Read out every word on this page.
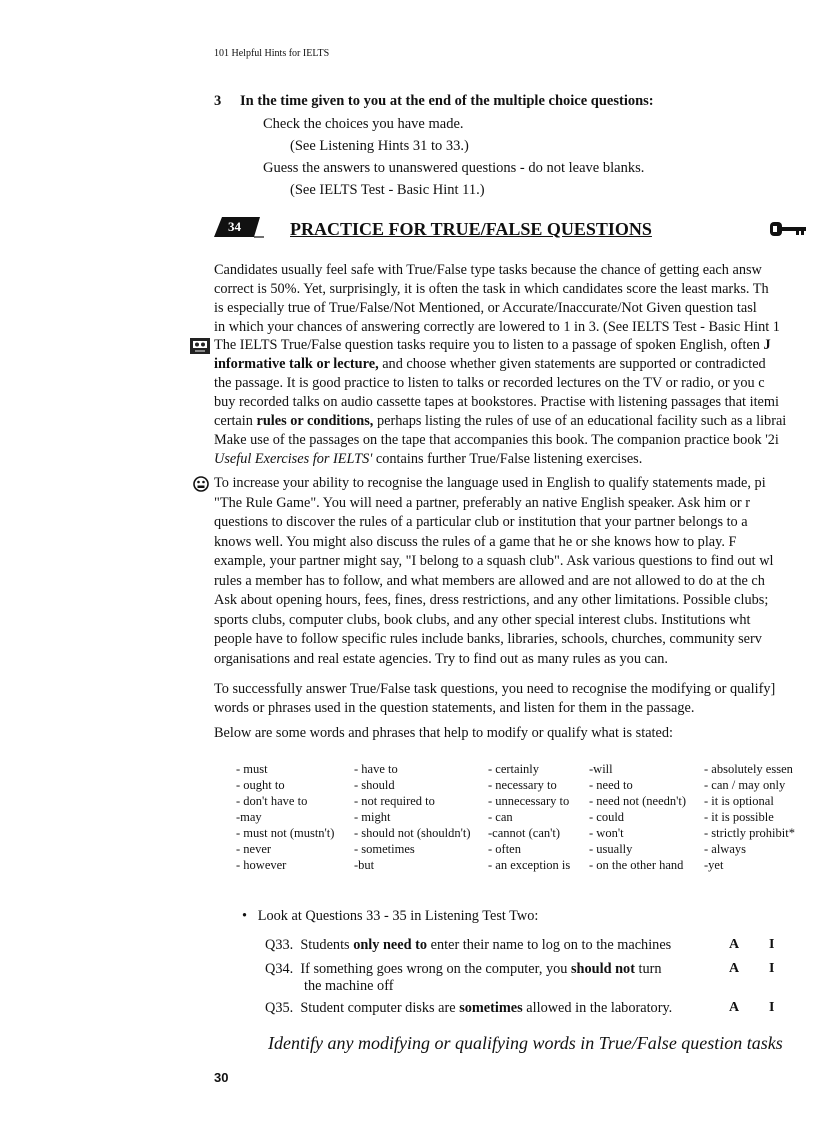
101 Helpful Hints for IELTS
3 In the time given to you at the end of the multiple choice questions:
Check the choices you have made.
(See Listening Hints 31 to 33.)
Guess the answers to unanswered questions - do not leave blanks.
(See IELTS Test - Basic Hint 11.)
34	PRACTICE FOR TRUE/FALSE QUESTIONS
Candidates usually feel safe with True/False type tasks because the chance of getting each answ
correct is 50%. Yet, surprisingly, it is often the task in which candidates score the least marks. Th
is especially true of True/False/Not Mentioned, or Accurate/Inaccurate/Not Given question tasl
in which your chances of answering correctly are lowered to 1 in 3. (See IELTS Test - Basic Hint 1
The IELTS True/False question tasks require you to listen to a passage of spoken English, often J
informative talk or lecture, and choose whether given statements are supported or contradicted
the passage. It is good practice to listen to talks or recorded lectures on the TV or radio, or you c
buy recorded talks on audio cassette tapes at bookstores. Practise with listening passages that itemi
certain rules or conditions, perhaps listing the rules of use of an educational facility such as a librai
Make use of the passages on the tape that accompanies this book. The companion practice book '2i
Useful Exercises for IELTS' contains further True/False listening exercises.
To increase your ability to recognise the language used in English to qualify statements made, pi
"The Rule Game". You will need a partner, preferably an native English speaker. Ask him or r
questions to discover the rules of a particular club or institution that your partner belongs to a
knows well. You might also discuss the rules of a game that he or she knows how to play. F
example, your partner might say, "I belong to a squash club". Ask various questions to find out wl
rules a member has to follow, and what members are allowed and are not allowed to do at the ch
Ask about opening hours, fees, fines, dress restrictions, and any other limitations. Possible clubs;
sports clubs, computer clubs, book clubs, and any other special interest clubs. Institutions wht
people have to follow specific rules include banks, libraries, schools, churches, community serv
organisations and real estate agencies. Try to find out as many rules as you can.
To successfully answer True/False task questions, you need to recognise the modifying or qualify]
words or phrases used in the question statements, and listen for them in the passage.
Below are some words and phrases that help to modify or qualify what is stated:
- must	- have to	- certainly	-will	- absolutely essen
- ought to	- should	- necessary to	- need to	- can / may only
- don't have to	- not required to	- unnecessary to	- need not (needn't)	- it is optional
-may	- might	- can	- could	- it is possible
- must not (mustn't)	- should not (shouldn't)	-cannot (can't)	- won't	- strictly prohibit*
- never	- sometimes	- often	- usually	- always
- however	-but	- an exception is	- on the other hand	-yet
• Look at Questions 33 - 35 in Listening Test Two:
Q33. Students only need to enter their name to log on to the machines	A I
Q34. If something goes wrong on the computer, you should not turn
the machine off
A I
Q35. Student computer disks are sometimes allowed in the laboratory.	A I
Identify any modifying or qualifying words in True/False question tasks
30
